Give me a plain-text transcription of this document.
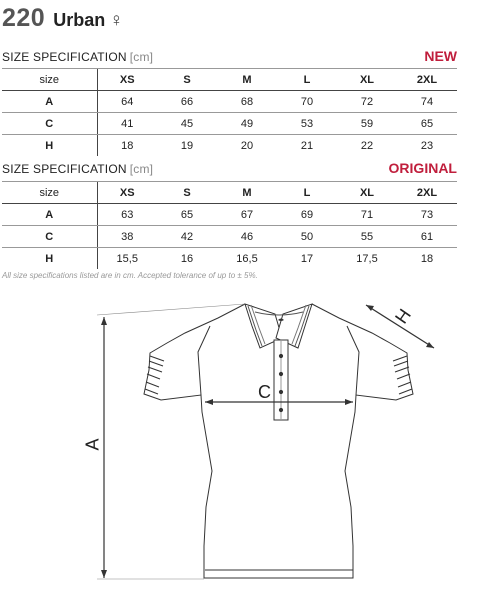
220 Urban ♀
SIZE SPECIFICATION [cm]	NEW
size	XS	S	M	L	XL	2XL
A	64	66	68	70	72	74
C	41	45	49	53	59	65
H	18	19	20	21	22	23
SIZE SPECIFICATION [cm]	ORIGINAL
size	XS	S	M	L	XL	2XL
A	63	65	67	69	71	73
C	38	42	46	50	55	61
H	15,5	16	16,5	17	17,5	18
All size specifications listed are in cm. Accepted tolerance of up to ± 5%.
A
C
H
